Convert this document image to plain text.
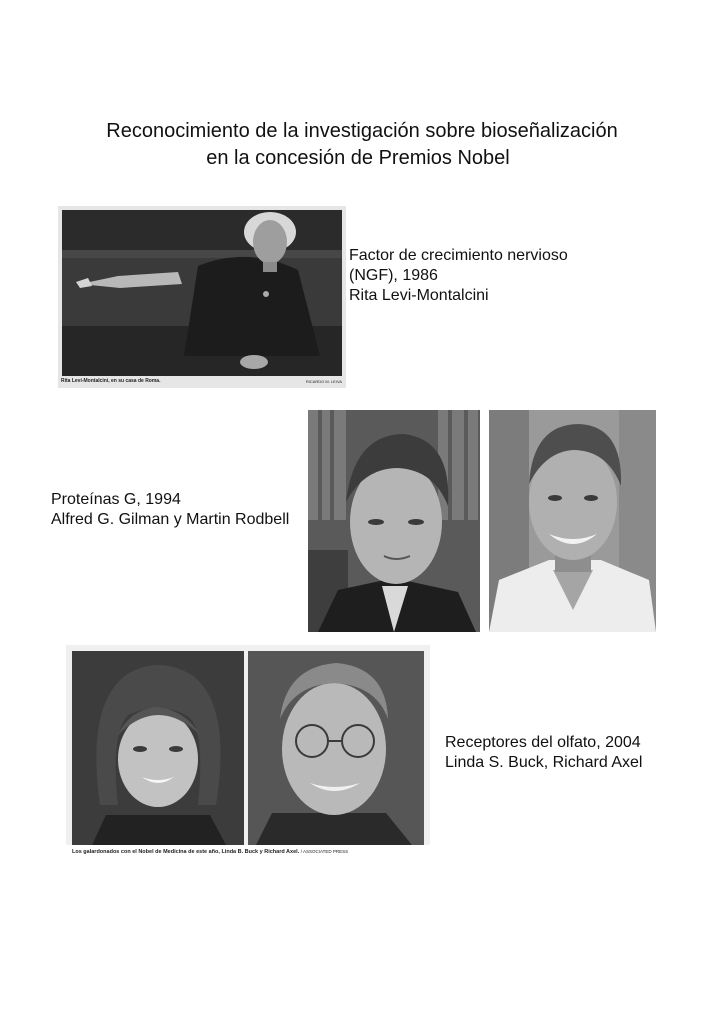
Reconocimiento de la investigación sobre bioseñalización
en la concesión de Premios Nobel
Rita Levi-Montalcini, en su casa de Roma.	RICARDO M. LEIVA
Factor de crecimiento nervioso
(NGF), 1986
Rita Levi-Montalcini
Proteínas G, 1994
Alfred G. Gilman y Martin Rodbell
Los galardonados con el Nobel de Medicina de este año, Linda B. Buck y Richard Axel. / ASSOCIATED PRESS
Receptores del olfato, 2004
Linda S. Buck, Richard Axel
